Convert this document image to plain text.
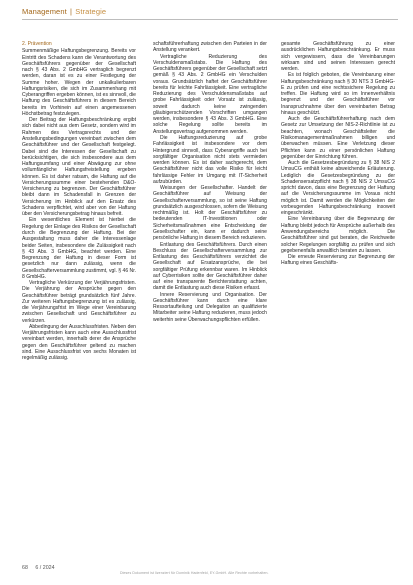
Management | Strategie

2. Prävention

Summenmäßige Haftungsbegrenzung. Bereits vor Eintritt des Schadens kann die Verantwortung des Geschäftsführers gegenüber der Gesellschaft nach § 43 Abs. 2 GmbHG vertraglich begrenzt werden, daran ist es zu einer Festlegung der Summe hoher. Wegen der unkalkulierbaren Haftungsrisiken, die sich im Zusammenhang mit Cyberangriffen ergeben können, ist es sinnvoll, die Haftung des Geschäftsführers in diesem Bereich bereits im Vorhinein auf einen angemessenen Höchstbetrag festzulegen.

Der Beitrag der Haftungsbeschränkung ergibt sich dabei nicht aus dem Gesetz, sondern wird im Rahmen des Vertragsrechts und der Anstellungsbedingungen vereinbart zwischen dem Geschäftsführer und der Gesellschaft festgelegt. Dabei sind die Interessen der Gesellschaft zu berücksichtigen, die sich insbesondere aus dem Haftungsumfang und einer Abwägung zur ohne vollumfängliche Haftungsfreistellung ergeben können. Es ist daher ratsam, die Haftung auf die Versicherungssumme einer bestehenden D&O-Versicherung zu begrenzen. Der Geschäftsführer bleibt dann im Schadensfall in Grenzen der Versicherung im Hinblick auf den Ersatz des Schadens verpflichtet, wird aber von der Haftung über den Versicherungsbetrag hinaus befreit.

Ein wesentliches Element ist hierbei die Regelung der Einlage des Risikos der Gesellschaft durch die Begrenzung der Haftung. Bei der Ausgestaltung muss daher die Interessenlage beider Seiten, insbesondere die Zulässigkeit nach § 43 Abs. 3 GmbHG, beachtet werden. Eine Begrenzung der Haftung in dieser Form ist gesetzlich nur dann zulässig, wenn die Gesellschafterversammlung zustimmt, vgl. § 46 Nr. 8 GmbHG.

Vertragliche Verkürzung der Verjährungsfristen. Die Verjährung der Ansprüche gegen den Geschäftsführer beträgt grundsätzlich fünf Jahre. Zur weiteren Haftungsbegrenzung ist es zulässig, die Verjährungsfrist im Wege einer Vereinbarung zwischen Gesellschaft und Geschäftsführer zu verkürzen.

Abbedingung der Ausschlussfristen. Neben den Verjährungsfristen kann auch eine Ausschlussfrist vereinbart werden, innerhalb derer die Ansprüche gegen den Geschäftsführer geltend zu machen sind. Eine Ausschlussfrist von sechs Monaten ist regelmäßig zulässig.

schaftsführerhaftung zwischen den Parteien in der Anstellung verankert.

Vertragliche Reduzierung des Verschuldensmaßstabs. Die Haftung des Geschäftsführers gegenüber der Gesellschaft setzt gemäß § 43 Abs. 2 GmbHG ein Verschulden voraus. Grundsätzlich haftet der Geschäftsführer bereits für leichte Fahrlässigkeit. Eine vertragliche Reduzierung des Verschuldensmaßstabs auf grobe Fahrlässigkeit oder Vorsatz ist zulässig, soweit dadurch keine zwingenden gläubigerschützenden Vorschriften umgangen werden, insbesondere § 43 Abs. 3 GmbHG. Eine solche Regelung sollte bereits im Anstellungsvertrag aufgenommen werden.

Die Haftungsreduzierung auf grobe Fahrlässigkeit ist insbesondere vor dem Hintergrund sinnvoll, dass Cyberangriffe auch bei sorgfältiger Organisation nicht stets vermieden werden können. Es ist daher sachgerecht, dem Geschäftsführer nicht das volle Risiko für leicht fahrlässige Fehler im Umgang mit IT-Sicherheit aufzubürden.

Weisungen der Gesellschafter. Handelt der Geschäftsführer auf Weisung der Gesellschafterversammlung, so ist seine Haftung grundsätzlich ausgeschlossen, sofern die Weisung rechtmäßig ist. Holt der Geschäftsführer zu bedeutenden IT-Investitionen oder Sicherheitsmaßnahmen eine Entscheidung der Gesellschafter ein, kann er dadurch seine persönliche Haftung in diesem Bereich reduzieren.

Entlastung des Geschäftsführers. Durch einen Beschluss der Gesellschafterversammlung zur Entlastung des Geschäftsführers verzichtet die Gesellschaft auf Ersatzansprüche, die bei sorgfältiger Prüfung erkennbar waren. Im Hinblick auf Cyberrisiken sollte der Geschäftsführer daher auf eine transparente Berichterstattung achten, damit die Entlastung auch diese Risiken erfasst.

Innere Reservierung und Organisation. Der Geschäftsführer kann durch eine klare Ressortaufteilung und Delegation an qualifizierte Mitarbeiter seine Haftung reduzieren, muss jedoch weiterhin seine Überwachungspflichten erfüllen.

gesamte Geschäftsführung zu einer ausdrücklichen Haftungsbeschränkung. Er muss sich vergewissern, dass die Vereinbarungen wirksam sind und seinen Interessen gerecht werden.

Es ist folglich geboten, die Vereinbarung einer Haftungsbeschränkung nach § 30 NTS 3 GmbHG-E zu prüfen und eine rechtssichere Regelung zu treffen. Die Haftung wird so im Innenverhältnis begrenzt und der Geschäftsführer vor Inanspruchnahme über den vereinbarten Betrag hinaus geschützt.

Auch die Geschäftsführerhaftung nach dem Gesetz zur Umsetzung der NIS-2-Richtlinie ist zu beachten, wonach Geschäftsleiter die Risikomanagementmaßnahmen billigen und überwachen müssen. Eine Verletzung dieser Pflichten kann zu einer persönlichen Haftung gegenüber der Einrichtung führen.

Auch die Gesetzesbegründung zu § 38 NIS 2 UmsuCG enthält keine abweichende Erläuterung. Lediglich die Gesetzesbegründung zu der Schadensersatzpflicht nach § 38 NIS 2 UmsuCG spricht davon, dass eine Begrenzung der Haftung auf die Versicherungssumme im Voraus nicht möglich ist. Damit werden die Möglichkeiten der vorbeugenden Haftungsbeschränkung insoweit eingeschränkt.

Eine Vereinbarung über die Begrenzung der Haftung bleibt jedoch für Ansprüche außerhalb des Anwendungsbereichs möglich. Die Geschäftsführer sind gut beraten, die Reichweite solcher Regelungen sorgfältig zu prüfen und sich gegebenenfalls anwaltlich beraten zu lassen.

Die erneute Reservierung zur Begrenzung der Haftung eines Geschäfts-

68 6 / 2024
Dieses Dokument ist lizenziert für Dominik Hadenfeld, EY-GmbH. Alle Rechte vorbehalten.
